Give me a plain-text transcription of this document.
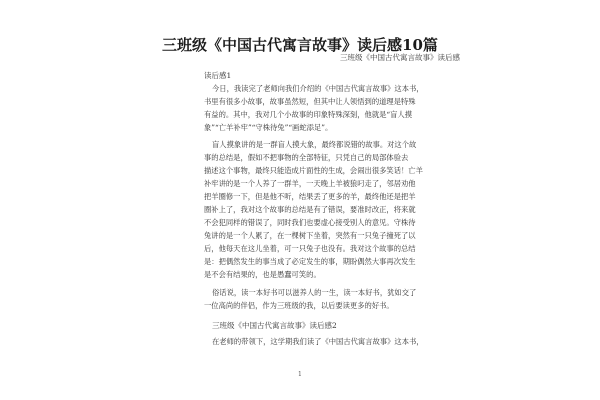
三班级《中国古代寓言故事》读后感10篇
三班级《中国古代寓言故事》读后感
读后感1
今日，我读完了老师向我们介绍的《中国古代寓言故事》这本书，
书里有很多小故事，故事虽然短，但其中让人领悟到的道理是特殊
有益的。其中，我对几个小故事的印象特殊深刻，他就是“盲人摸
象”“亡羊补牢”“守株待兔”“画蛇添足”。
盲人摸象讲的是一群盲人摸大象，最终都说错的故事。对这个故
事的总结是，假如不把事物的全部特征，只凭自己的局部体验去
描述这个事物，最终只能造成片面性的生成，会闹出很多笑话！亡羊
补牢讲的是一个人养了一群羊，一天晚上羊被狼叼走了，邻居劝他
把羊圈修一下，但是他不听，结果丢了更多的羊，最终他还是把羊
圈补上了，我对这个故事的总结是有了错误，要准时改正，将来就
不会犯同样的错误了，同时我们也要虚心接受别人的意见。守株待
兔讲的是一个人累了，在一棵树下坐着，突然有一只兔子撞死了以
后，他每天在这儿坐着，可一只兔子也没有。我对这个故事的总结
是：把偶然发生的事当成了必定发生的事，期盼偶然大事再次发生
是不会有结果的，也是愚蠢可笑的。
俗话说，读一本好书可以滋养人的一生，读一本好书，犹如交了
一位高尚的伴侣，作为三班级的我，以后要读更多的好书。
三班级《中国古代寓言故事》读后感2
在老师的带领下，这学期我们读了《中国古代寓言故事》这本书，
1
